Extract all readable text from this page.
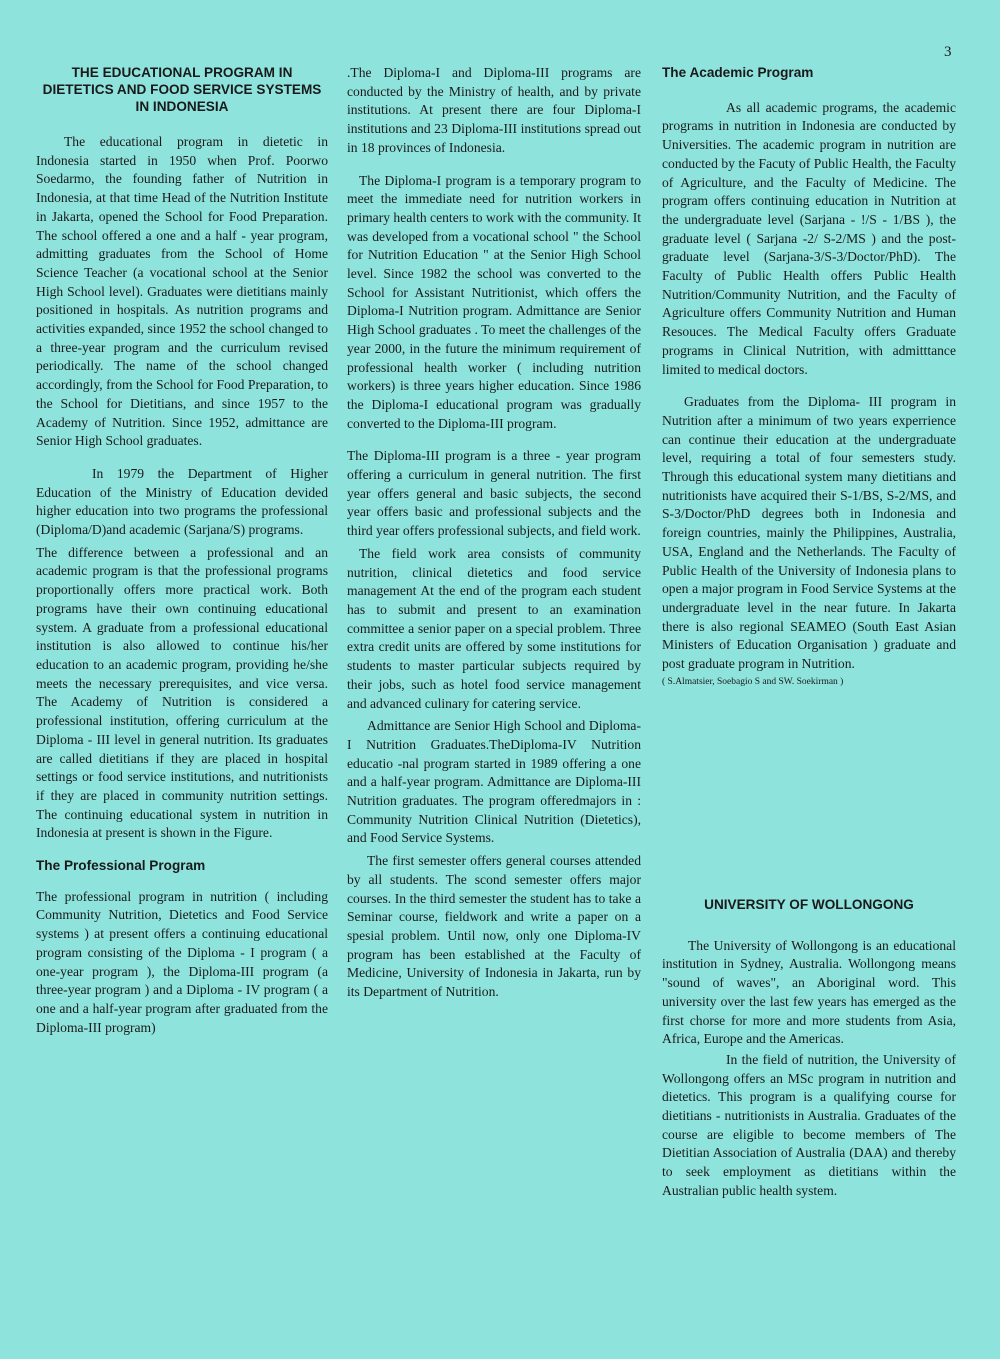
3
THE EDUCATIONAL PROGRAM IN DIETETICS AND FOOD SERVICE SYSTEMS IN INDONESIA

The educational program in dietetic in Indonesia started in 1950 when Prof. Poorwo Soedarmo, the founding father of Nutrition in Indonesia, at that time Head of the Nutrition Institute in Jakarta, opened the School for Food Preparation. The school offered a one and a half - year program, admitting graduates from the School of Home Science Teacher (a vocational school at the Senior High School level). Graduates were dietitians mainly positioned in hospitals. As nutrition programs and activities expanded, since 1952 the school changed to a three-year program and the curriculum revised periodically. The name of the school changed accordingly, from the School for Food Preparation, to the School for Dietitians, and since 1957 to the Academy of Nutrition. Since 1952, admittance are Senior High School graduates.

In 1979 the Department of Higher Education of the Ministry of Education devided higher education into two programs the professional (Diploma/D)and academic (Sarjana/S) programs.

The difference between a professional and an academic program is that the professional programs proportionally offers more practical work. Both programs have their own continuing educational system. A graduate from a professional educational institution is also allowed to continue his/her education to an academic program, providing he/she meets the necessary prerequisites, and vice versa. The Academy of Nutrition is considered a professional institution, offering curriculum at the Diploma - III level in general nutrition. Its graduates are called dietitians if they are placed in hospital settings or food service institutions, and nutritionists if they are placed in community nutrition settings. The continuing educational system in nutrition in Indonesia at present is shown in the Figure.

The Professional Program

The professional program in nutrition ( including Community Nutrition, Dietetics and Food Service systems ) at present offers a continuing educational program consisting of the Diploma - I program ( a one-year program ), the Diploma-III program (a three-year program ) and a Diploma - IV program ( a one and a half-year program after graduated from the Diploma-III program)

.The Diploma-I and Diploma-III programs are conducted by the Ministry of health, and by private institutions. At present there are four Diploma-I institutions and 23 Diploma-III institutions spread out in 18 provinces of Indonesia.

The Diploma-I program is a temporary program to meet the immediate need for nutrition workers in primary health centers to work with the community. It was developed from a vocational school " the School for Nutrition Education " at the Senior High School level. Since 1982 the school was converted to the School for Assistant Nutritionist, which offers the Diploma-I Nutrition program. Admittance are Senior High School graduates . To meet the challenges of the year 2000, in the future the minimum requirement of professional health worker ( including nutrition workers) is three years higher education. Since 1986 the Diploma-I educational program was gradually converted to the Diploma-III program.

The Diploma-III program is a three - year program offering a curriculum in general nutrition. The first year offers general and basic subjects, the second year offers basic and professional subjects and the third year offers professional subjects, and field work.

The field work area consists of community nutrition, clinical dietetics and food service management At the end of the program each student has to submit and present to an examination committee a senior paper on a special problem. Three extra credit units are offered by some institutions for students to master particular subjects required by their jobs, such as hotel food service management and advanced culinary for catering service.

Admittance are Senior High School and Diploma-I Nutrition Graduates.TheDiploma-IV Nutrition educatio -nal program started in 1989 offering a one and a half-year program. Admittance are Diploma-III Nutrition graduates. The program offeredmajors in : Community Nutrition Clinical Nutrition (Dietetics), and Food Service Systems.

The first semester offers general courses attended by all students. The scond semester offers major courses. In the third semester the student has to take a Seminar course, fieldwork and write a paper on a spesial problem. Until now, only one Diploma-IV program has been established at the Faculty of Medicine, University of Indonesia in Jakarta, run by its Department of Nutrition.

The Academic Program

As all academic programs, the academic programs in nutrition in Indonesia are conducted by Universities. The academic program in nutrition are conducted by the Facuty of Public Health, the Faculty of Agriculture, and the Faculty of Medicine. The program offers continuing education in Nutrition at the undergraduate level (Sarjana - !/S - 1/BS ), the graduate level ( Sarjana -2/ S-2/MS ) and the post- graduate level (Sarjana-3/S-3/Doctor/PhD). The Faculty of Public Health offers Public Health Nutrition/Community Nutrition, and the Faculty of Agriculture offers Community Nutrition and Human Resouces. The Medical Faculty offers Graduate programs in Clinical Nutrition, with admitttance limited to medical doctors.

Graduates from the Diploma- III program in Nutrition after a minimum of two years experrience can continue their education at the undergraduate level, requiring a total of four semesters study. Through this educational system many dietitians and nutritionists have acquired their S-1/BS, S-2/MS, and S-3/Doctor/PhD degrees both in Indonesia and foreign countries, mainly the Philippines, Australia, USA, England and the Netherlands. The Faculty of Public Health of the University of Indonesia plans to open a major program in Food Service Systems at the undergraduate level in the near future. In Jakarta there is also regional SEAMEO (South East Asian Ministers of Education Organisation ) graduate and post graduate program in Nutrition.

( S.Almatsier, Soebagio S and SW. Soekirman )
UNIVERSITY OF WOLLONGONG

The University of Wollongong is an educational institution in Sydney, Australia. Wollongong means "sound of waves", an Aboriginal word. This university over the last few years has emerged as the first chorse for more and more students from Asia, Africa, Europe and the Americas.

In the field of nutrition, the University of Wollongong offers an MSc program in nutrition and dietetics. This program is a qualifying course for dietitians - nutritionists in Australia. Graduates of the course are eligible to become members of The Dietitian Association of Australia (DAA) and thereby to seek employment as dietitians within the Australian public health system.
